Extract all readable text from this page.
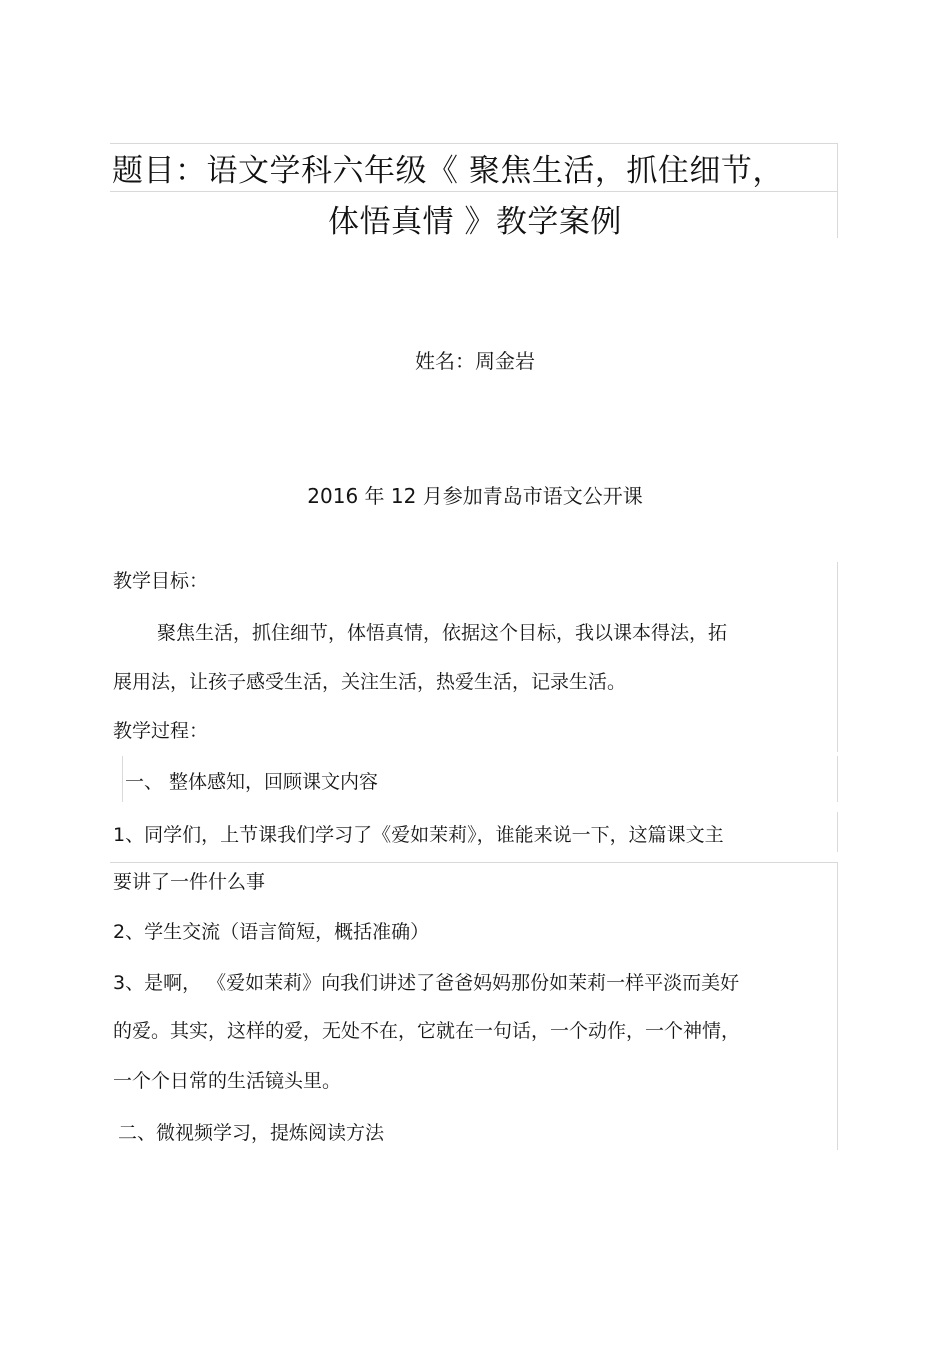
题目：语文学科六年级《 聚焦生活，抓住细节，
体悟真情 》教学案例
姓名：周金岩
2016 年 12 月参加青岛市语文公开课
教学目标：
聚焦生活，抓住细节，体悟真情，依据这个目标，我以课本得法，拓
展用法，让孩子感受生活，关注生活，热爱生活，记录生活。
教学过程：
一、 整体感知，回顾课文内容
1、同学们，上节课我们学习了《爱如茉莉》，谁能来说一下，这篇课文主
要讲了一件什么事
2、学生交流（语言简短，概括准确）
3、是啊， 《爱如茉莉》向我们讲述了爸爸妈妈那份如茉莉一样平淡而美好
的爱。其实，这样的爱，无处不在，它就在一句话，一个动作，一个神情，
一个个日常的生活镜头里。
二、微视频学习，提炼阅读方法
